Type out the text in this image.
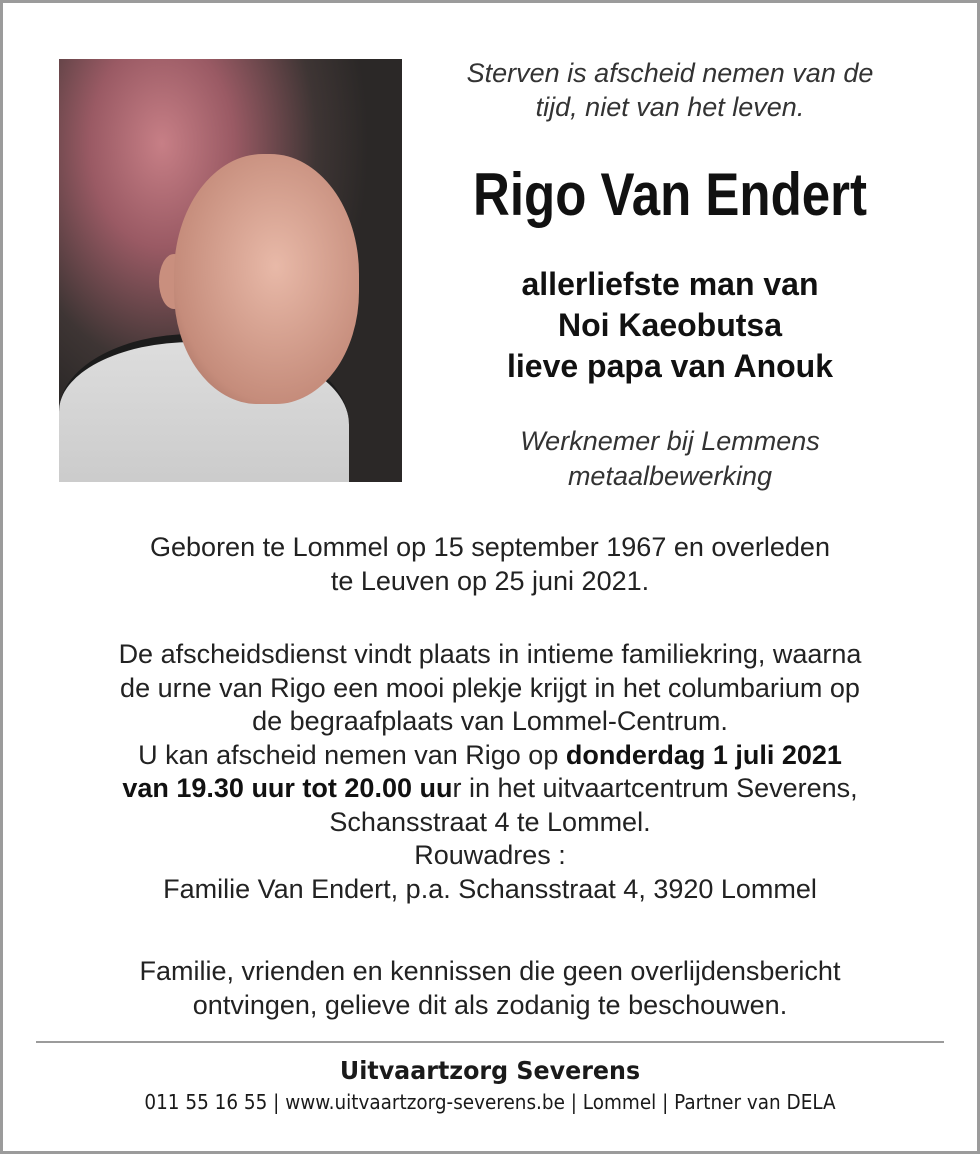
Sterven is afscheid nemen van de
tijd, niet van het leven.
Rigo Van Endert
allerliefste man van
Noi Kaeobutsa
lieve papa van Anouk
Werknemer bij Lemmens
metaalbewerking
Geboren te Lommel op 15 september 1967 en overleden
te Leuven op 25 juni 2021.
De afscheidsdienst vindt plaats in intieme familiekring, waarna
de urne van Rigo een mooi plekje krijgt in het columbarium op
de begraafplaats van Lommel-Centrum.
U kan afscheid nemen van Rigo op donderdag 1 juli 2021
van 19.30 uur tot 20.00 uur in het uitvaartcentrum Severens,
Schansstraat 4 te Lommel.
Rouwadres :
Familie Van Endert, p.a. Schansstraat 4, 3920 Lommel
Familie, vrienden en kennissen die geen overlijdensbericht
ontvingen, gelieve dit als zodanig te beschouwen.
Uitvaartzorg Severens
011 55 16 55 | www.uitvaartzorg-severens.be | Lommel | Partner van DELA
